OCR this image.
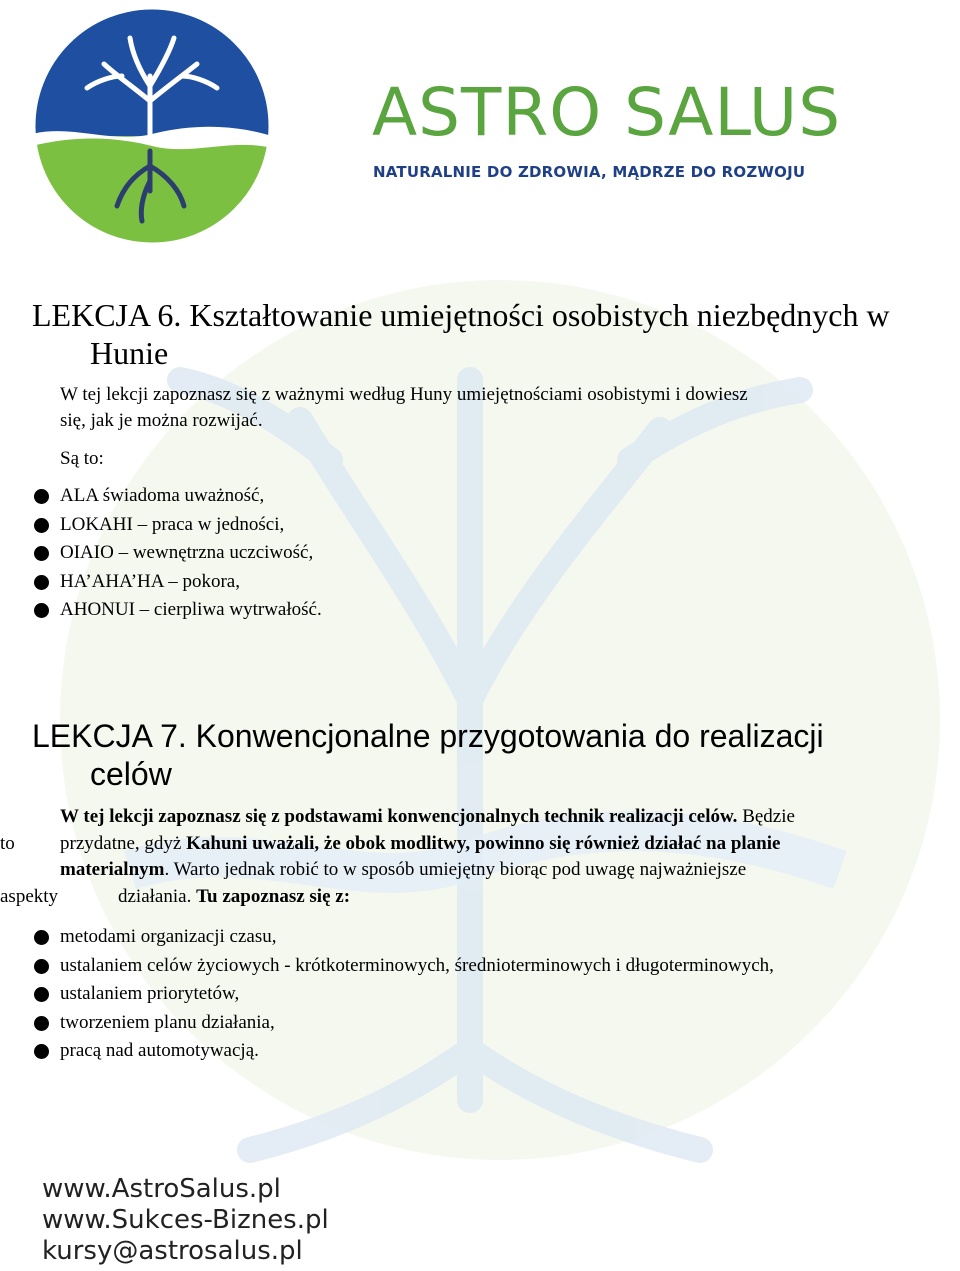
ASTRO SALUS
NATURALNIE DO ZDROWIA, MĄDRZE DO ROZWOJU
LEKCJA 6. Kształtowanie umiejętności osobistych niezbędnych w
Hunie
W tej lekcji zapoznasz się z ważnymi według Huny umiejętnościami osobistymi i dowiesz
się, jak je można rozwijać.
Są to:
ALA świadoma uważność,
LOKAHI – praca w jedności,
OIAIO – wewnętrzna uczciwość,
HA’AHA’HA – pokora,
AHONUI – cierpliwa wytrwałość.
LEKCJA 7. Konwencjonalne przygotowania do realizacji
celów
W tej lekcji zapoznasz się z podstawami konwencjonalnych technik realizacji celów. Będzie
to przydatne, gdyż Kahuni uważali, że obok modlitwy, powinno się również działać na planie
materialnym. Warto jednak robić to w sposób umiejętny biorąc pod uwagę najważniejsze
aspekty	działania. Tu zapoznasz się z:
metodami organizacji czasu,
ustalaniem celów życiowych - krótkoterminowych, średnioterminowych i długoterminowych,
ustalaniem priorytetów,
tworzeniem planu działania,
pracą nad automotywacją.
www.AstroSalus.pl
www.Sukces-Biznes.pl
kursy@astrosalus.pl
